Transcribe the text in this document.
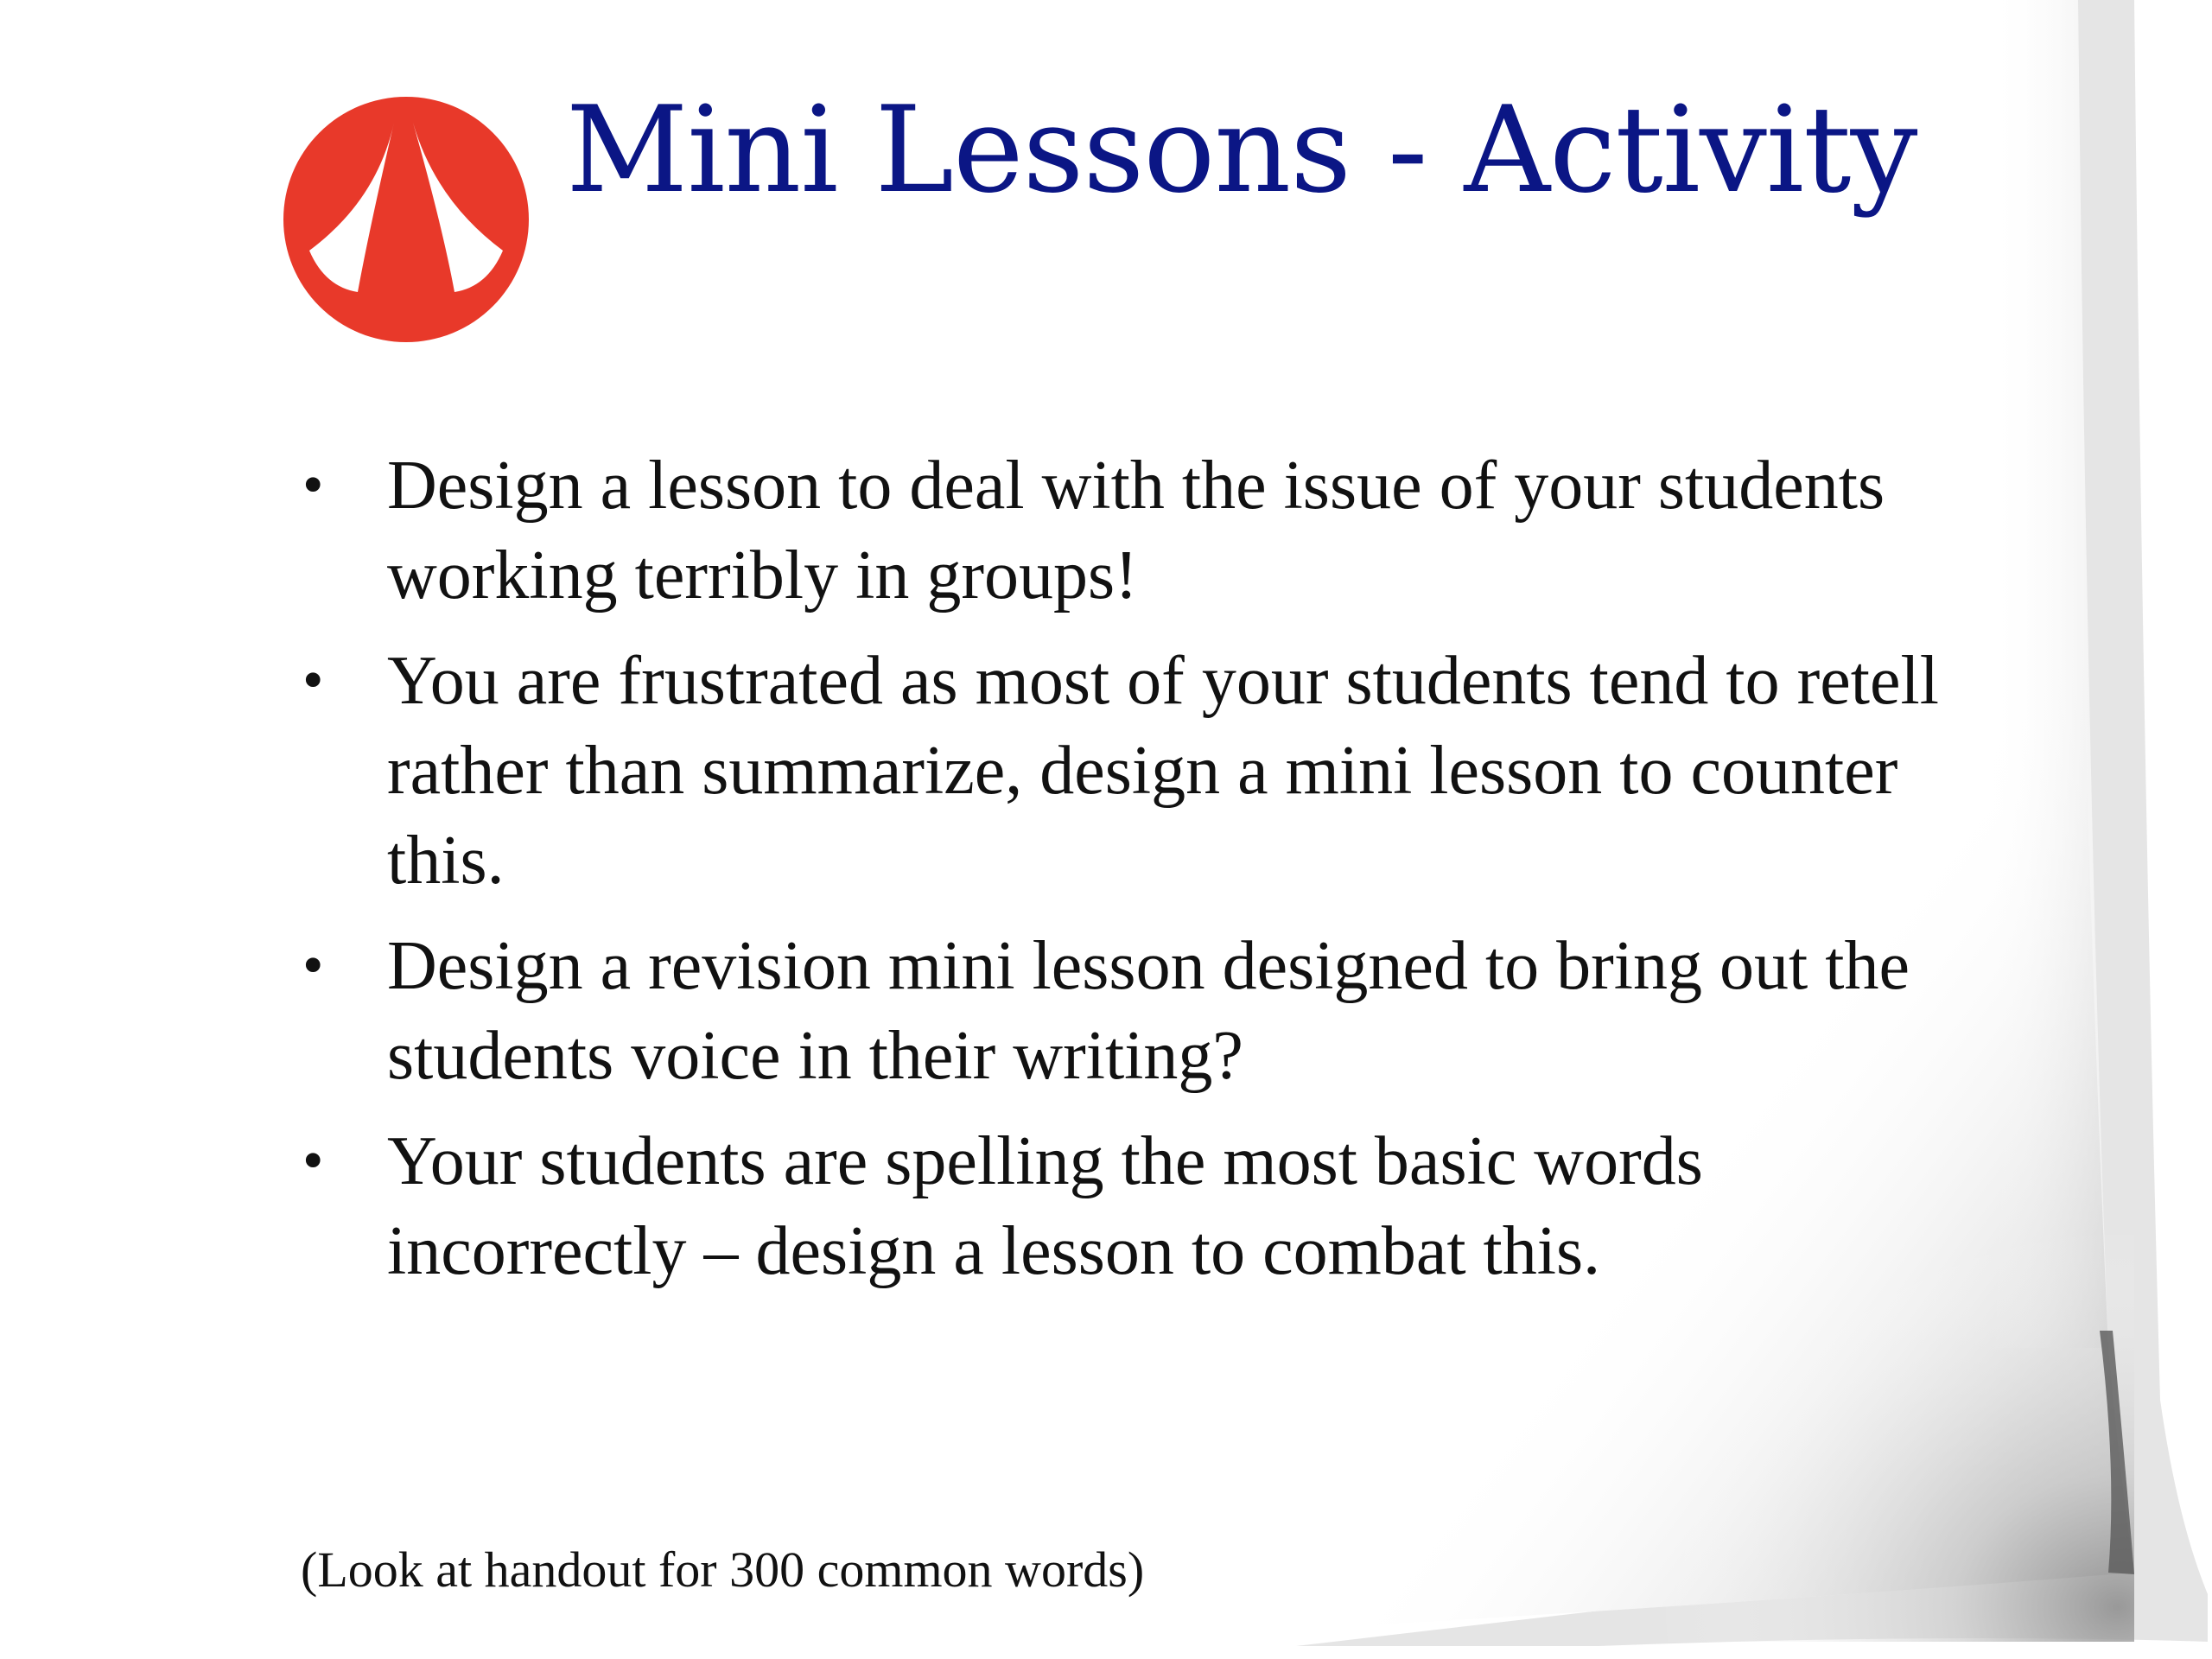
Mini Lessons - Activity
• Design a lesson to deal with the issue of your students working terribly in groups!
• You are frustrated as most of your students tend to retell rather than summarize, design a mini lesson to counter this.
• Design a revision mini lesson designed to bring out the students voice in their writing?
• Your students are spelling the most basic words incorrectly – design a lesson to combat this.

(Look at handout for 300 common words)
